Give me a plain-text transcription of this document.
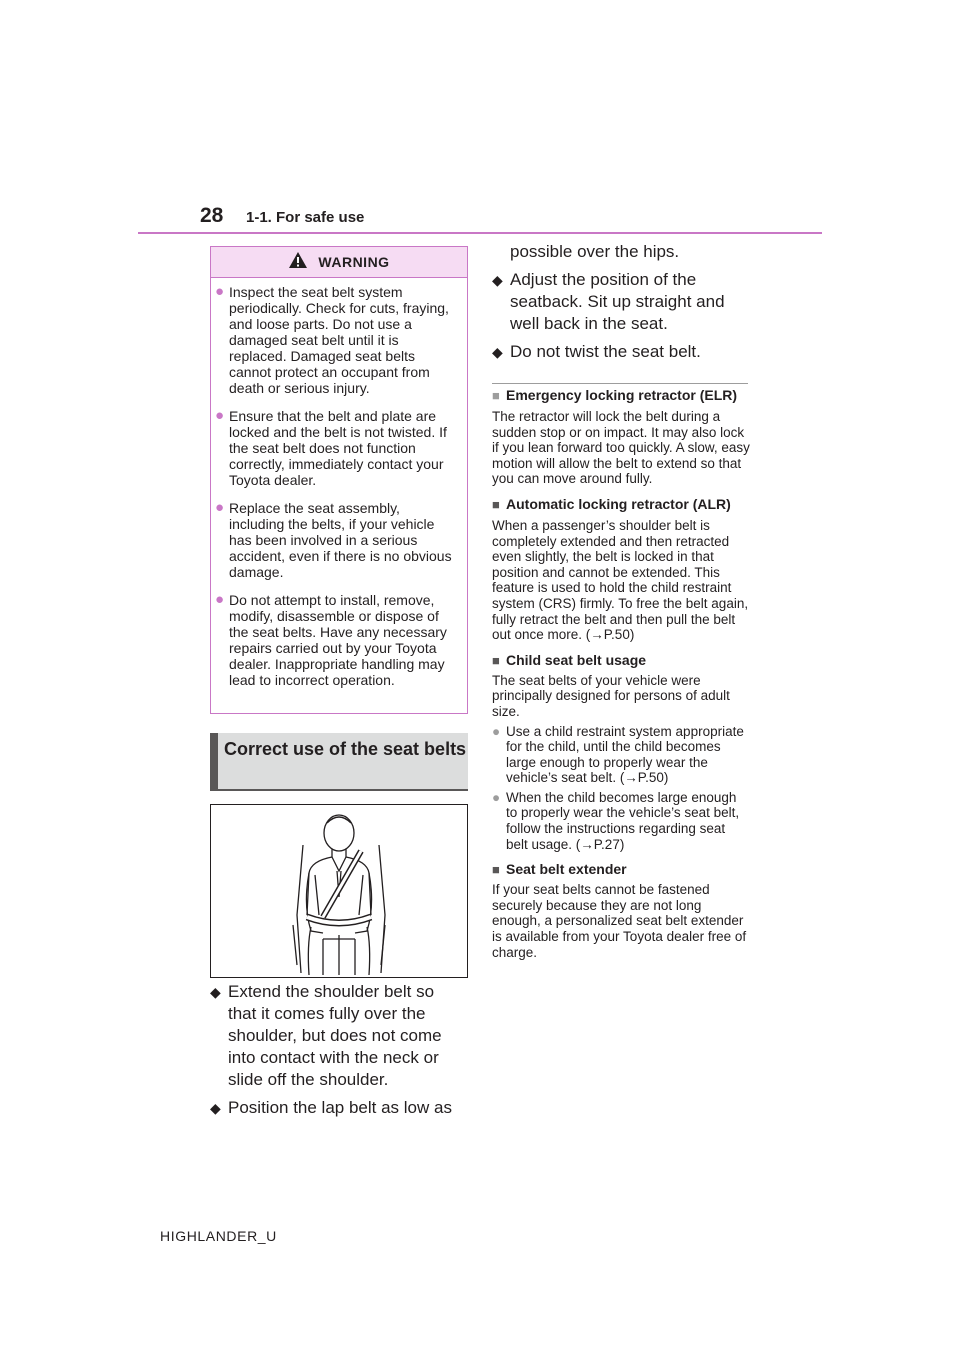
28 1-1. For safe use
WARNING
● Inspect the seat belt system periodically. Check for cuts, fraying, and loose parts. Do not use a damaged seat belt until it is replaced. Damaged seat belts cannot protect an occupant from death or serious injury.
● Ensure that the belt and plate are locked and the belt is not twisted. If the seat belt does not function correctly, immediately contact your Toyota dealer.
● Replace the seat assembly, including the belts, if your vehicle has been involved in a serious accident, even if there is no obvious damage.
● Do not attempt to install, remove, modify, disassemble or dispose of the seat belts. Have any necessary repairs carried out by your Toyota dealer. Inappropriate handling may lead to incorrect operation.
Correct use of the seat belts
◆ Extend the shoulder belt so that it comes fully over the shoulder, but does not come into contact with the neck or slide off the shoulder.
◆ Position the lap belt as low as
possible over the hips.
◆ Adjust the position of the seatback. Sit up straight and well back in the seat.
◆ Do not twist the seat belt.
■ Emergency locking retractor (ELR)
The retractor will lock the belt during a sudden stop or on impact. It may also lock if you lean forward too quickly. A slow, easy motion will allow the belt to extend so that you can move around fully.
■ Automatic locking retractor (ALR)
When a passenger’s shoulder belt is completely extended and then retracted even slightly, the belt is locked in that position and cannot be extended. This feature is used to hold the child restraint system (CRS) firmly. To free the belt again, fully retract the belt and then pull the belt out once more. (→P.50)
■ Child seat belt usage
The seat belts of your vehicle were principally designed for persons of adult size.
● Use a child restraint system appropriate for the child, until the child becomes large enough to properly wear the vehicle’s seat belt. (→P.50)
● When the child becomes large enough to properly wear the vehicle’s seat belt, follow the instructions regarding seat belt usage. (→P.27)
■ Seat belt extender
If your seat belts cannot be fastened securely because they are not long enough, a personalized seat belt extender is available from your Toyota dealer free of charge.
HIGHLANDER_U
